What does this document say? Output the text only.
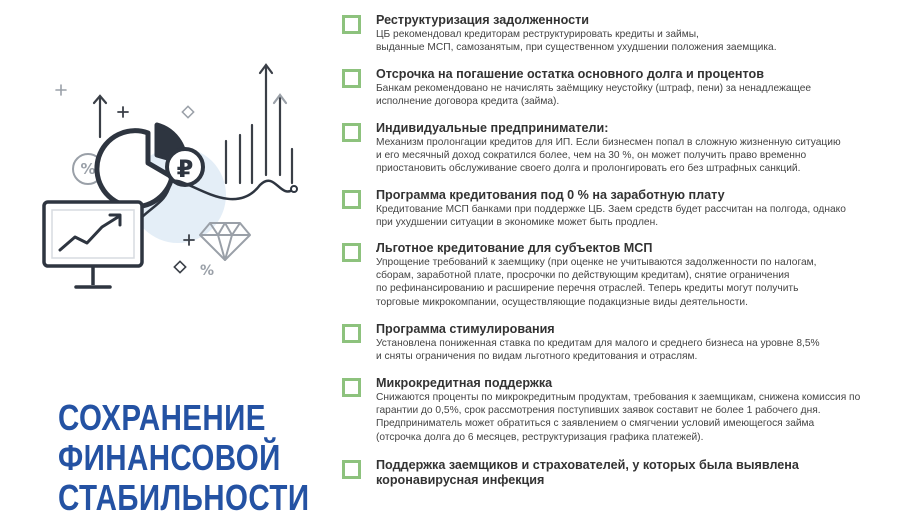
%
%
₽
СОХРАНЕНИЕ
ФИНАНСОВОЙ
СТАБИЛЬНОСТИ
Реструктуризация задолженности
ЦБ рекомендовал кредиторам реструктурировать кредиты и займы,
выданные МСП, самозанятым, при существенном ухудшении положения заемщика.
Отсрочка на погашение остатка основного долга и процентов
Банкам рекомендовано не начислять заёмщику неустойку (штраф, пени) за ненадлежащее
исполнение договора кредита (займа).
Индивидуальные предприниматели:
Механизм пролонгации кредитов для ИП. Если бизнесмен попал в сложную жизненную ситуацию
и его месячный доход сократился более, чем на 30 %, он может получить право временно
приостановить обслуживание своего долга и пролонгировать его без штрафных санкций.
Программа кредитования под 0 % на заработную плату
Кредитование МСП банками при поддержке ЦБ. Заем средств будет рассчитан на полгода, однако
при ухудшении ситуации в экономике может быть продлен.
Льготное кредитование для субъектов МСП
Упрощение требований к заемщику (при оценке не учитываются задолженности по налогам,
сборам, заработной плате, просрочки по действующим кредитам), снятие ограничения
по рефинансированию и расширение перечня отраслей. Теперь кредиты могут получить
торговые микрокомпании, осуществляющие подакцизные виды деятельности.
Программа стимулирования
Установлена пониженная ставка по кредитам для малого и среднего бизнеса на уровне 8,5%
и сняты ограничения по видам льготного кредитования и отраслям.
Микрокредитная поддержка
Снижаются проценты по микрокредитным продуктам, требования к заемщикам, снижена комиссия по
гарантии до 0,5%, срок рассмотрения поступивших заявок составит не более 1 рабочего дня.
Предприниматель может обратиться с заявлением о смягчении условий имеющегося займа
(отсрочка долга до 6 месяцев, реструктуризация графика платежей).
Поддержка заемщиков и страхователей, у которых была выявлена
коронавирусная инфекция
